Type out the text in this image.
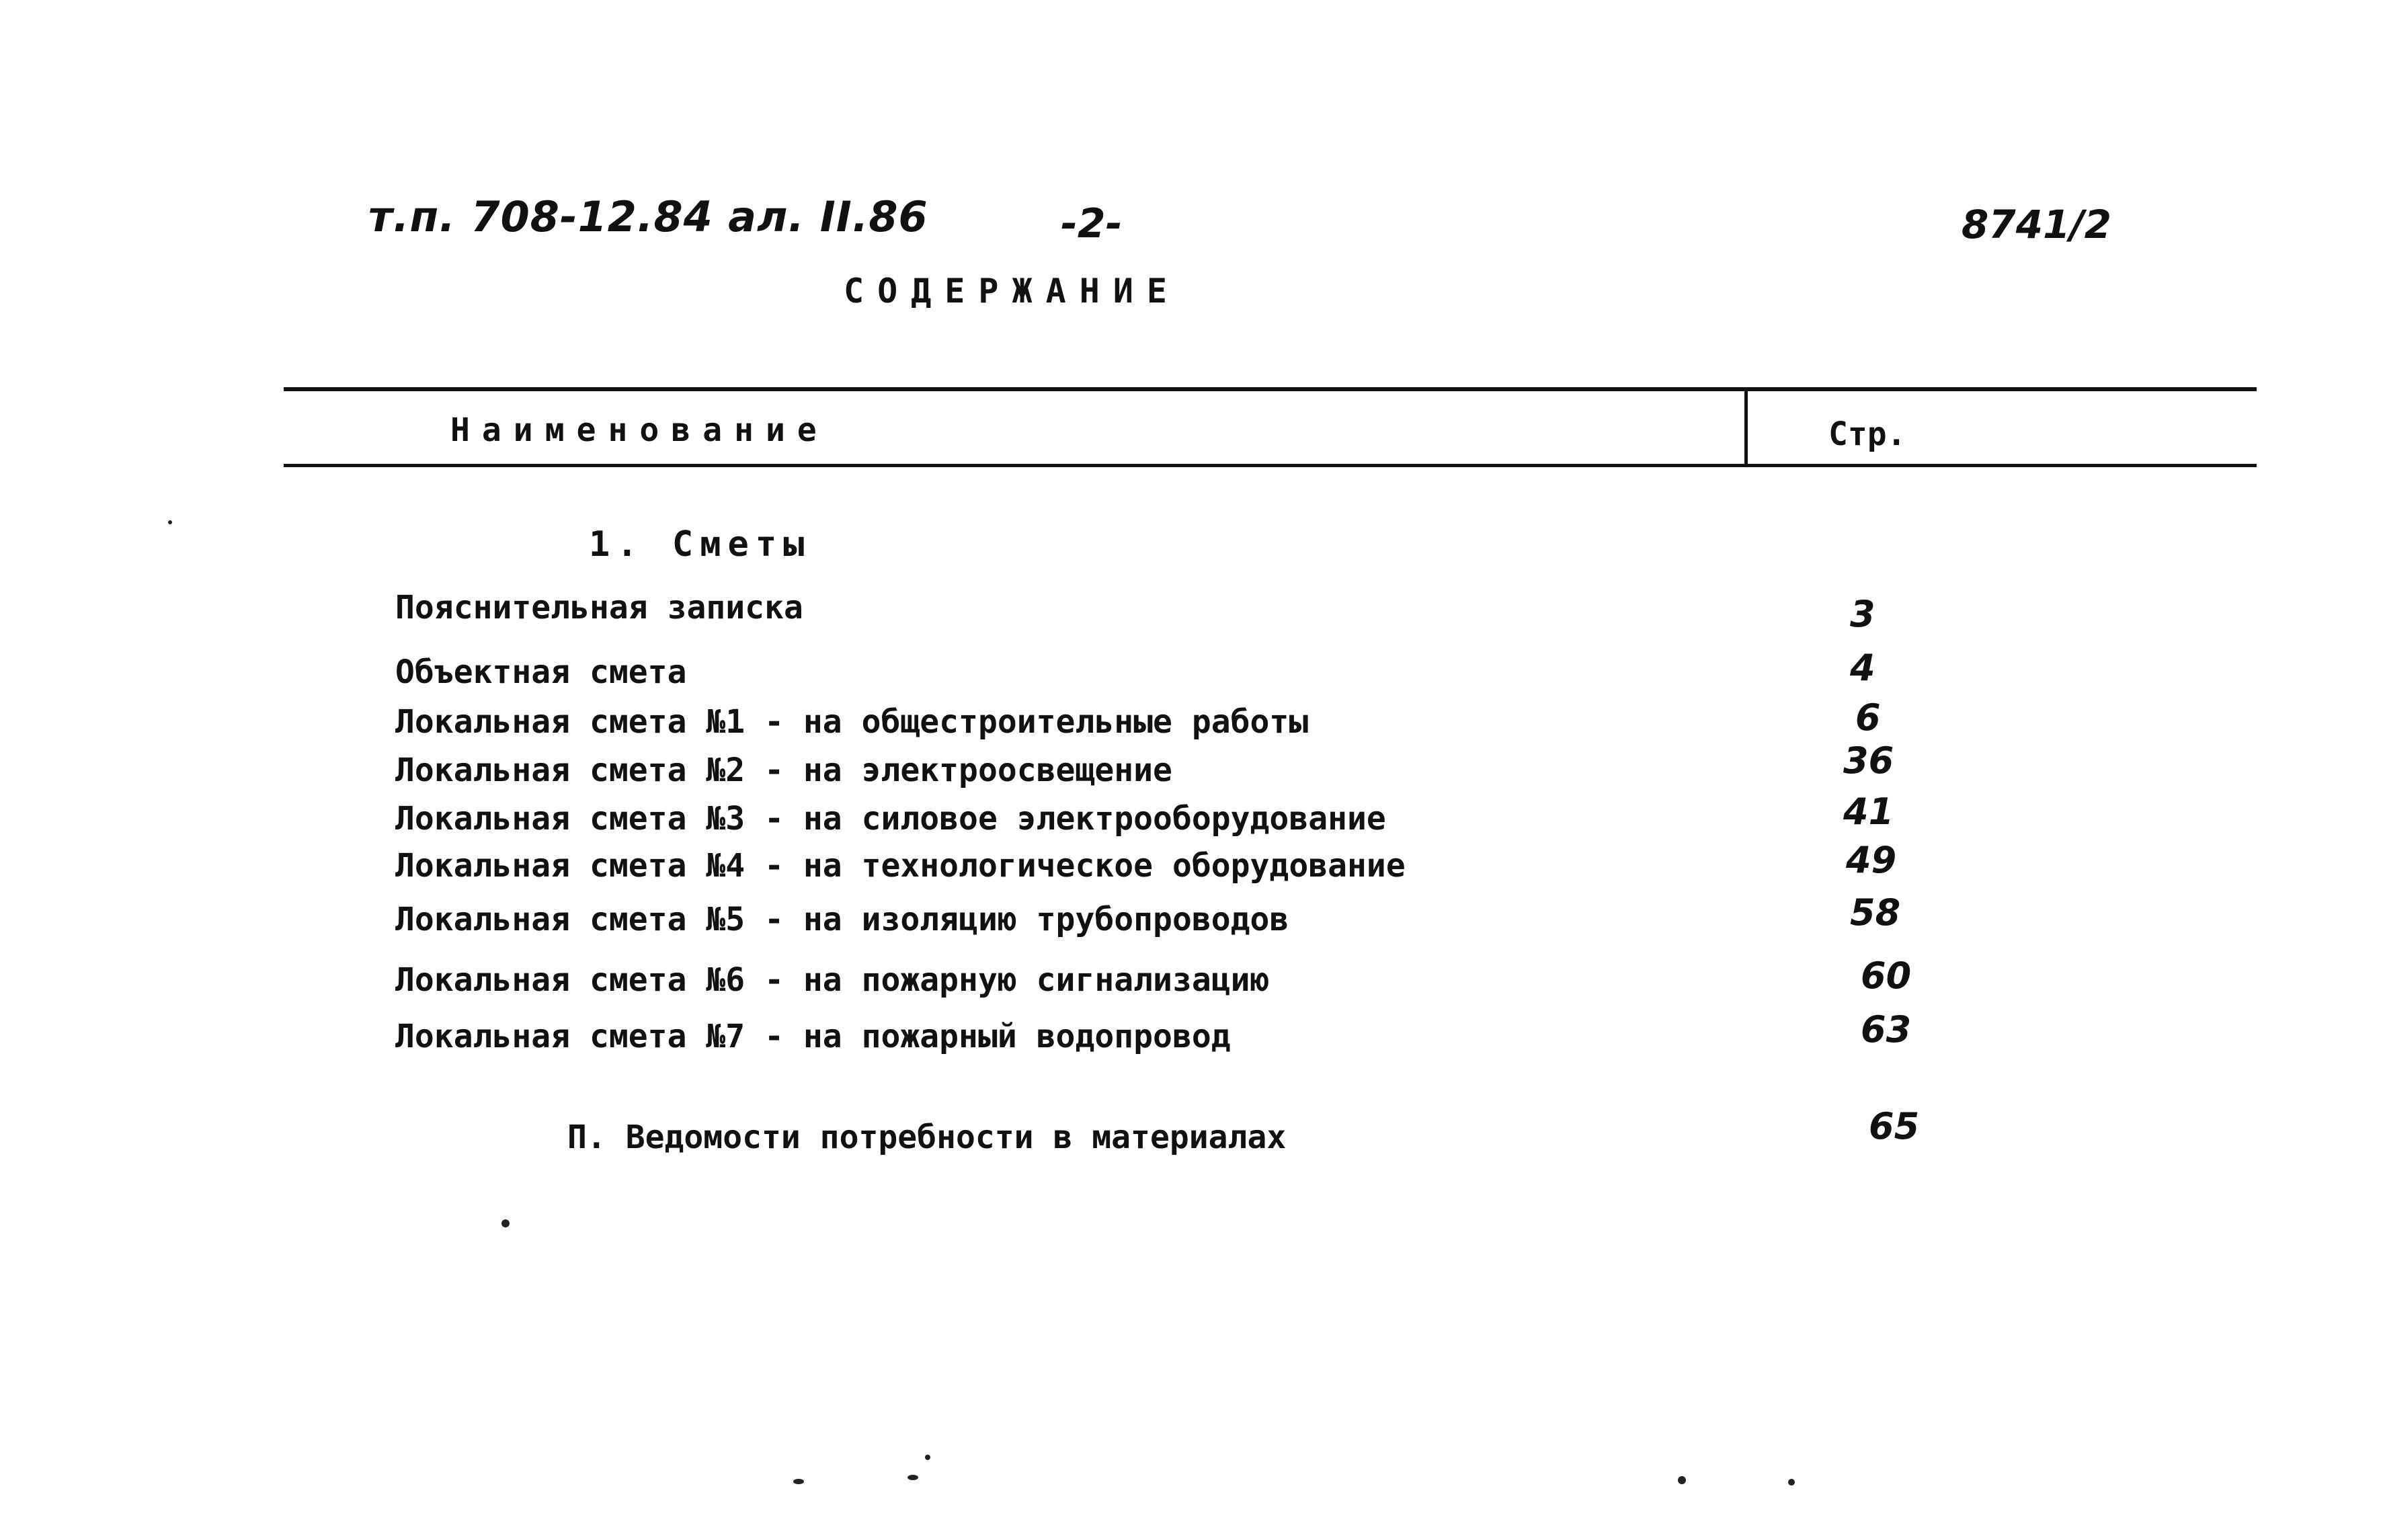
т.п. 708-12.84 ал. II.86	-2-	8741/2
СОДЕРЖАНИЕ
Наименование	Стр.
1. Сметы
Пояснительная записка	3
Объектная смета	4
Локальная смета №1 - на общестроительные работы	6
Локальная смета №2 - на электроосвещение	36
Локальная смета №3 - на силовое электрооборудование	41
Локальная смета №4 - на технологическое оборудование	49
Локальная смета №5 - на изоляцию трубопроводов	58
Локальная смета №6 - на пожарную сигнализацию	60
Локальная смета №7 - на пожарный водопровод	63
П. Ведомости потребности в материалах	65
